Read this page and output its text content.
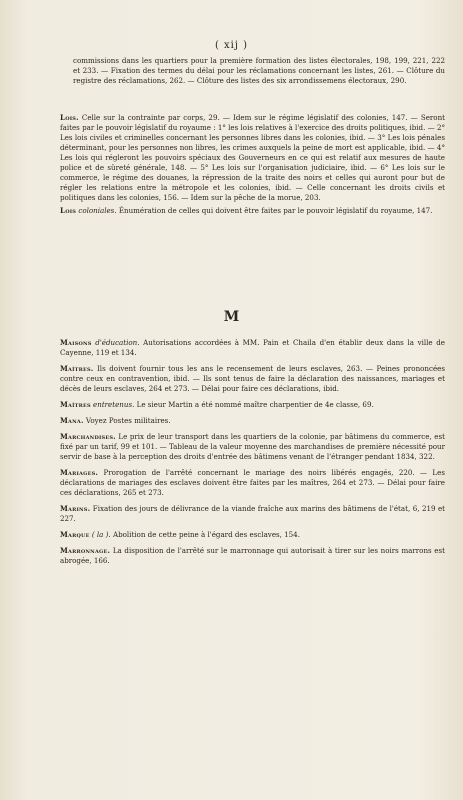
( xij )

commissions dans les quartiers pour la première formation des listes électorales, 198, 199, 221, 222 et 233. — Fixation des termes du délai pour les réclamations concernant les listes, 261. — Clôture du registre des réclamations, 262. — Clôture des listes des six arrondissemens électoraux, 290.

Lois. Celle sur la contrainte par corps, 29. — Idem sur le régime législatif des colonies, 147. — Seront faites par le pouvoir législatif du royaume : 1° les lois relatives à l'exercice des droits politiques, ibid. — 2° Les lois civiles et criminelles concernant les personnes libres dans les colonies, ibid. — 3° Les lois pénales déterminant, pour les personnes non libres, les crimes auxquels la peine de mort est applicable, ibid. — 4° Les lois qui régleront les pouvoirs spéciaux des Gouverneurs en ce qui est relatif aux mesures de haute police et de sûreté générale, 148. — 5° Les lois sur l'organisation judiciaire, ibid. — 6° Les lois sur le commerce, le régime des douanes, la répression de la traite des noirs et celles qui auront pour but de régler les relations entre la métropole et les colonies, ibid. — Celle concernant les droits civils et politiques dans les colonies, 156. — Idem sur la pêche de la morue, 203.

Lois coloniales. Énumération de celles qui doivent être faites par le pouvoir législatif du royaume, 147.

M

Maisons d'éducation. Autorisations accordées à MM. Pain et Chaila d'en établir deux dans la ville de Cayenne, 119 et 134.

Maîtres. Ils doivent fournir tous les ans le recensement de leurs esclaves, 263. — Peines prononcées contre ceux en contravention, ibid. — Ils sont tenus de faire la déclaration des naissances, mariages et décès de leurs esclaves, 264 et 273. — Délai pour faire ces déclarations, ibid.

Maîtres entretenus. Le sieur Martin a été nommé maître charpentier de 4e classe, 69.

Mana. Voyez Postes militaires.

Marchandises. Le prix de leur transport dans les quartiers de la colonie, par bâtimens du commerce, est fixé par un tarif, 99 et 101. — Tableau de la valeur moyenne des marchandises de première nécessité pour servir de base à la perception des droits d'entrée des bâtimens venant de l'étranger pendant 1834, 322.

Mariages. Prorogation de l'arrêté concernant le mariage des noirs libérés engagés, 220. — Les déclarations de mariages des esclaves doivent être faites par les maîtres, 264 et 273. — Délai pour faire ces déclarations, 265 et 273.

Marins. Fixation des jours de délivrance de la viande fraîche aux marins des bâtimens de l'état, 6, 219 et 227.

Marque ( la ). Abolition de cette peine à l'égard des esclaves, 154.

Marronnage. La disposition de l'arrêté sur le marronnage qui autorisait à tirer sur les noirs marrons est abrogée, 166.
